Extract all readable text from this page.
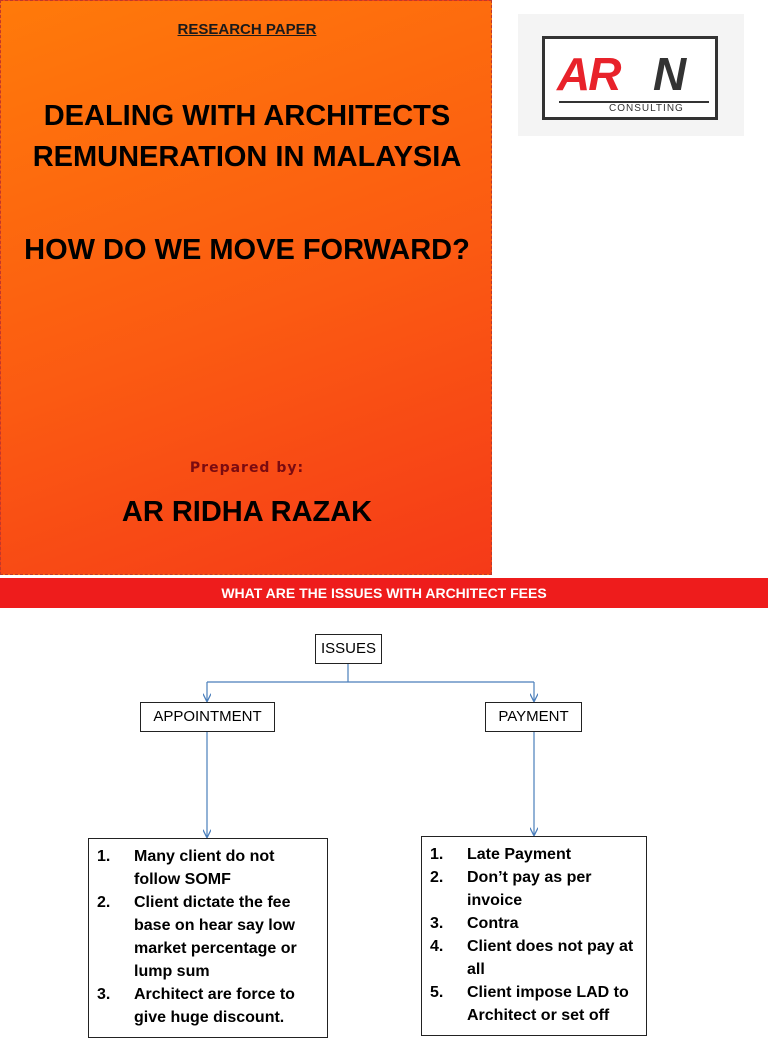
RESEARCH PAPER
DEALING WITH ARCHITECTS
REMUNERATION IN MALAYSIA
HOW DO WE MOVE FORWARD?
Prepared by:
AR RIDHA RAZAK
AR N
CONSULTING
WHAT ARE THE ISSUES WITH ARCHITECT FEES
ISSUES
APPOINTMENT	PAYMENT
1.	Many client do not follow SOMF
2.	Client dictate the fee base on hear say low market percentage or lump sum
3.	Architect are force to give huge discount.
1.	Late Payment
2.	Don’t pay as per invoice
3.	Contra
4.	Client does not pay at all
5.	Client impose LAD to Architect or set off
